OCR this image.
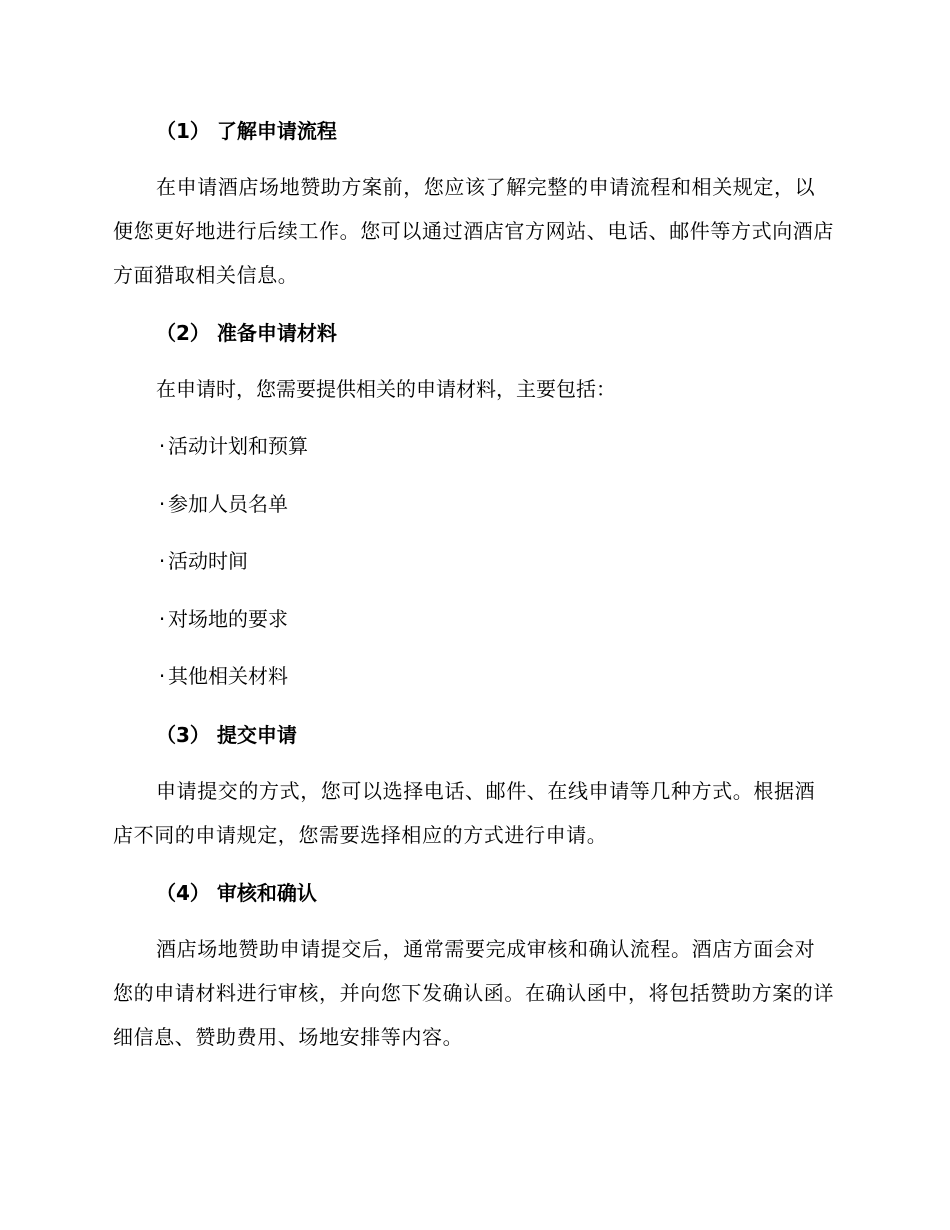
（1） 了解申请流程

在申请酒店场地赞助方案前，您应该了解完整的申请流程和相关规定，以便您更好地进行后续工作。您可以通过酒店官方网站、电话、邮件等方式向酒店方面猎取相关信息。

（2） 准备申请材料

在申请时，您需要提供相关的申请材料，主要包括：

· 活动计划和预算
· 参加人员名单
· 活动时间
· 对场地的要求
· 其他相关材料
（3） 提交申请

申请提交的方式，您可以选择电话、邮件、在线申请等几种方式。根据酒店不同的申请规定，您需要选择相应的方式进行申请。

（4） 审核和确认

酒店场地赞助申请提交后，通常需要完成审核和确认流程。酒店方面会对您的申请材料进行审核，并向您下发确认函。在确认函中，将包括赞助方案的详细信息、赞助费用、场地安排等内容。
